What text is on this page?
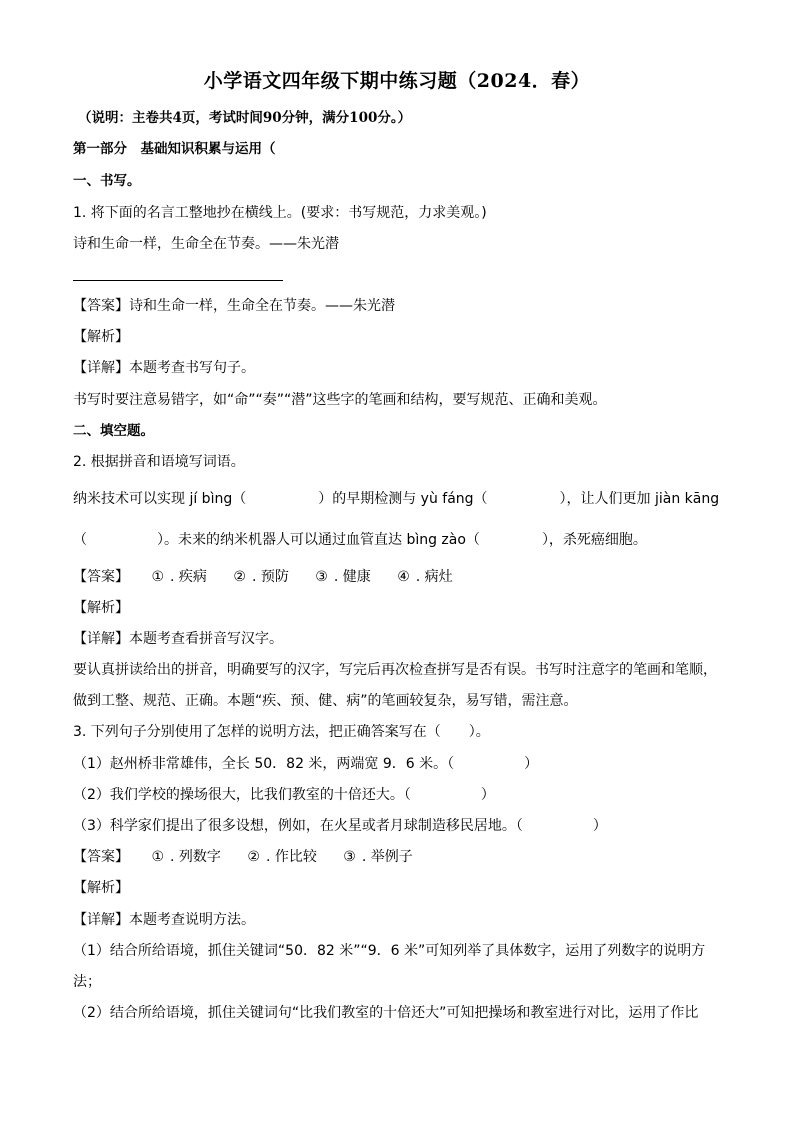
小学语文四年级下期中练习题（2024．春）
（说明：主卷共4页，考试时间90分钟，满分100分。）
第一部分　基础知识积累与运用（
一、书写。
1. 将下面的名言工整地抄在横线上。(要求：书写规范，力求美观。)
诗和生命一样，生命全在节奏。——朱光潜
【答案】诗和生命一样，生命全在节奏。——朱光潜
【解析】
【详解】本题考查书写句子。
书写时要注意易错字，如“命”“奏”“潜”这些字的笔画和结构，要写规范、正确和美观。
二、填空题。
2. 根据拼音和语境写词语。
纳米技术可以实现 jí bìng（	）的早期检测与 yù fáng（	），让人们更加 jiàn kāng
（	）。未来的纳米机器人可以通过血管直达 bìng zào（	），杀死癌细胞。
【答案】 ① . 疾病 ② . 预防 ③ . 健康 ④ . 病灶
【解析】
【详解】本题考查看拼音写汉字。
要认真拼读给出的拼音，明确要写的汉字，写完后再次检查拼写是否有误。书写时注意字的笔画和笔顺，
做到工整、规范、正确。本题“疾、预、健、病”的笔画较复杂，易写错，需注意。
3. 下列句子分别使用了怎样的说明方法，把正确答案写在（　　）。
（1）赵州桥非常雄伟，全长 50．82 米，两端宽 9．6 米。（	）
（2）我们学校的操场很大，比我们教室的十倍还大。（	）
（3）科学家们提出了很多设想，例如，在火星或者月球制造移民居地。（	）
【答案】 ① . 列数字 ② . 作比较 ③ . 举例子
【解析】
【详解】本题考查说明方法。
（1）结合所给语境，抓住关键词“50．82 米”“9．6 米”可知列举了具体数字，运用了列数字的说明方
法；
（2）结合所给语境，抓住关键词句“比我们教室的十倍还大”可知把操场和教室进行对比，运用了作比
